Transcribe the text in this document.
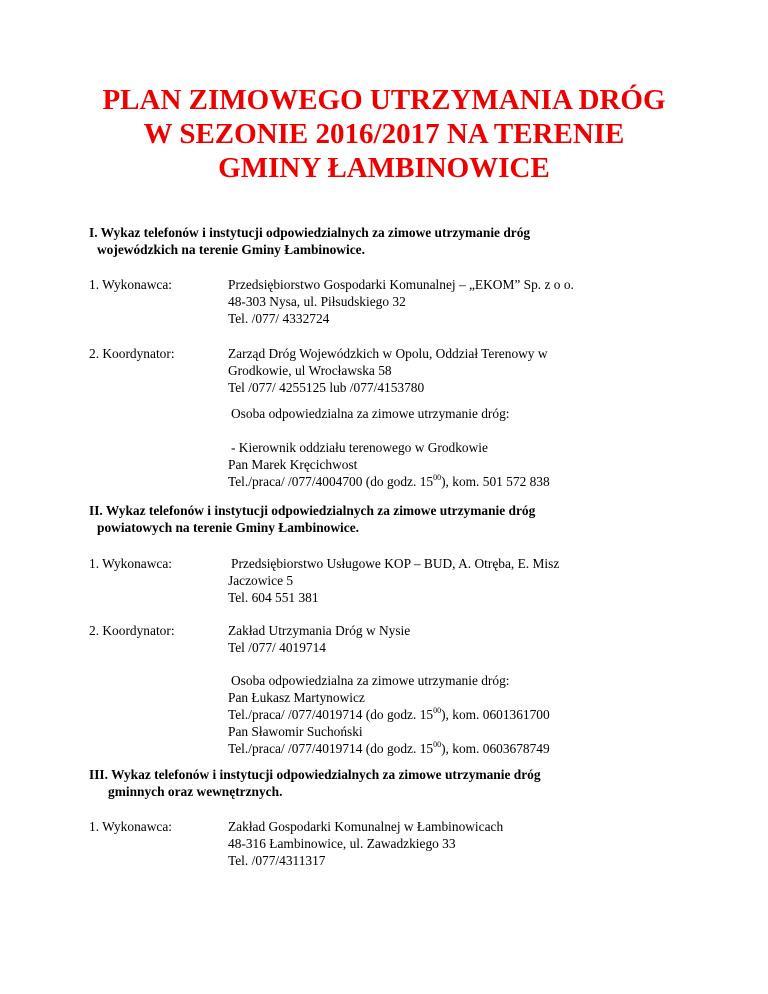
PLAN ZIMOWEGO UTRZYMANIA DRÓG
W SEZONIE 2016/2017 NA TERENIE
GMINY ŁAMBINOWICE
I. Wykaz telefonów i instytucji odpowiedzialnych za zimowe utrzymanie dróg
wojewódzkich na terenie Gminy Łambinowice.
1. Wykonawca:	Przedsiębiorstwo Gospodarki Komunalnej – „EKOM” Sp. z o o.
48-303 Nysa, ul. Piłsudskiego 32
Tel. /077/ 4332724
2. Koordynator:	Zarząd Dróg Wojewódzkich w Opolu, Oddział Terenowy w
Grodkowie, ul Wrocławska 58
Tel /077/ 4255125 lub /077/4153780
Osoba odpowiedzialna za zimowe utrzymanie dróg:
- Kierownik oddziału terenowego w Grodkowie
Pan Marek Kręcichwost
Tel./praca/ /077/4004700 (do godz. $15^{00}$), kom. 501 572 838
II. Wykaz telefonów i instytucji odpowiedzialnych za zimowe utrzymanie dróg
powiatowych na terenie Gminy Łambinowice.
1. Wykonawca:	Przedsiębiorstwo Usługowe KOP – BUD, A. Otręba, E. Misz
Jaczowice 5
Tel. 604 551 381
2. Koordynator:	Zakład Utrzymania Dróg w Nysie
Tel /077/ 4019714
Osoba odpowiedzialna za zimowe utrzymanie dróg:
Pan Łukasz Martynowicz
Tel./praca/ /077/4019714 (do godz. $15^{00}$), kom. 0601361700
Pan Sławomir Suchoński
Tel./praca/ /077/4019714 (do godz. $15^{00}$), kom. 0603678749
III. Wykaz telefonów i instytucji odpowiedzialnych za zimowe utrzymanie dróg
gminnych oraz wewnętrznych.
1. Wykonawca:	Zakład Gospodarki Komunalnej w Łambinowicach
48-316 Łambinowice, ul. Zawadzkiego 33
Tel. /077/4311317
